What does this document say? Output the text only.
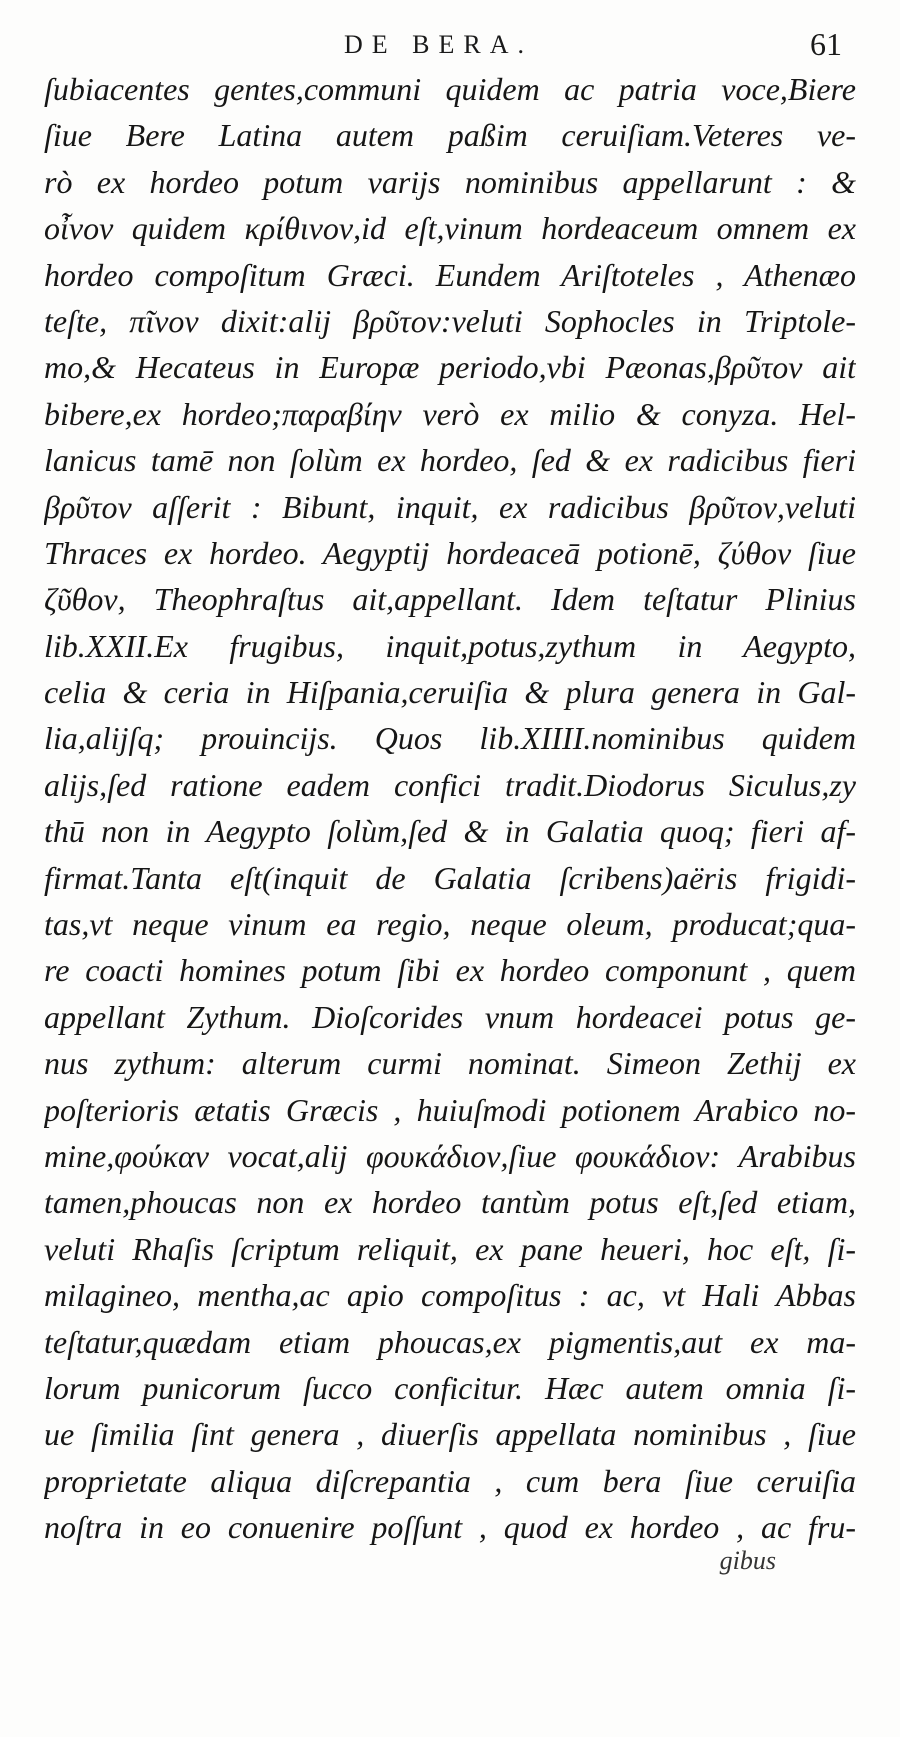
DE BERA.	61
ſubiacentes gentes,communi quidem ac patria voce,Biere
ſiue Bere Latina autem paßim ceruiſiam.Veteres ve-
rò ex hordeo potum varijs nominibus appellarunt : &
οἶνον quidem κρίθινον,id eſt,vinum hordeaceum omnem ex
hordeo compoſitum Græci. Eundem Ariſtoteles , Athenæo
teſte, πῖνον dixit:alij βρῦτον:veluti Sophocles in Triptole-
mo,& Hecateus in Europæ periodo,vbi Pæonas,βρῦτον ait
bibere,ex hordeo;παραβίην verò ex milio & conyza. Hel-
lanicus tamē non ſolùm ex hordeo, ſed & ex radicibus fieri
βρῦτον aſſerit : Bibunt, inquit, ex radicibus βρῦτον,veluti
Thraces ex hordeo. Aegyptij hordeaceā potionē, ζύθον ſiue
ζῦθον, Theophraſtus ait,appellant. Idem teſtatur Plinius
lib.XXII.Ex frugibus, inquit,potus,zythum in Aegypto,
celia & ceria in Hiſpania,ceruiſia & plura genera in Gal-
lia,alijſq; prouincijs. Quos lib.XIIII.nominibus quidem
alijs,ſed ratione eadem confici tradit.Diodorus Siculus,zy
thū non in Aegypto ſolùm,ſed & in Galatia quoq; fieri af-
firmat.Tanta eſt(inquit de Galatia ſcribens)aëris frigidi-
tas,vt neque vinum ea regio, neque oleum, producat;qua-
re coacti homines potum ſibi ex hordeo componunt , quem
appellant Zythum. Dioſcorides vnum hordeacei potus ge-
nus zythum: alterum curmi nominat. Simeon Zethij ex
poſterioris ætatis Græcis , huiuſmodi potionem Arabico no-
mine,φούκαν vocat,alij φουκάδιον,ſiue φουκάδιον: Arabibus
tamen,phoucas non ex hordeo tantùm potus eſt,ſed etiam,
veluti Rhaſis ſcriptum reliquit, ex pane heueri, hoc eſt, ſi-
milagineo, mentha,ac apio compoſitus : ac, vt Hali Abbas
teſtatur,quædam etiam phoucas,ex pigmentis,aut ex ma-
lorum punicorum ſucco conficitur. Hæc autem omnia ſi-
ue ſimilia ſint genera , diuerſis appellata nominibus , ſiue
proprietate aliqua diſcrepantia , cum bera ſiue ceruiſia
noſtra in eo conuenire poſſunt , quod ex hordeo , ac fru-
gibus
